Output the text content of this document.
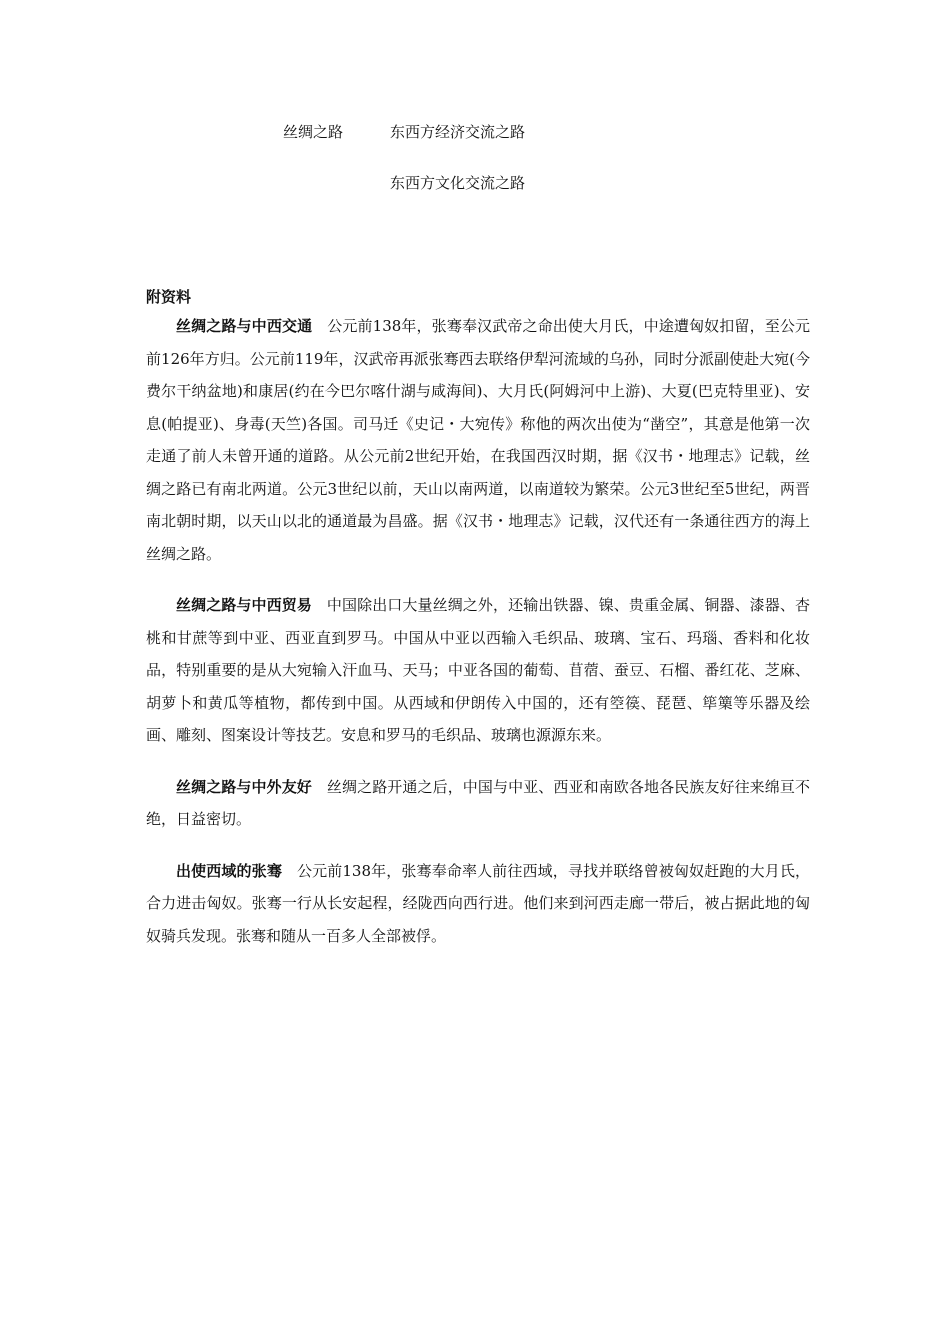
丝绸之路	东西方经济交流之路
东西方文化交流之路
附资料

丝绸之路与中西交通 公元前138年，张骞奉汉武帝之命出使大月氏，中途遭匈奴扣留，至公元前126年方归。公元前119年，汉武帝再派张骞西去联络伊犁河流域的乌孙，同时分派副使赴大宛(今费尔干纳盆地)和康居(约在今巴尔喀什湖与咸海间)、大月氏(阿姆河中上游)、大夏(巴克特里亚)、安息(帕提亚)、身毒(天竺)各国。司马迁《史记・大宛传》称他的两次出使为“凿空”，其意是他第一次走通了前人未曾开通的道路。从公元前2世纪开始，在我国西汉时期，据《汉书・地理志》记载，丝绸之路已有南北两道。公元3世纪以前，天山以南两道，以南道较为繁荣。公元3世纪至5世纪，两晋南北朝时期，以天山以北的通道最为昌盛。据《汉书・地理志》记载，汉代还有一条通往西方的海上丝绸之路。

丝绸之路与中西贸易 中国除出口大量丝绸之外，还输出铁器、镍、贵重金属、铜器、漆器、杏桃和甘蔗等到中亚、西亚直到罗马。中国从中亚以西输入毛织品、玻璃、宝石、玛瑙、香料和化妆品，特别重要的是从大宛输入汗血马、天马；中亚各国的葡萄、苜蓿、蚕豆、石榴、番红花、芝麻、胡萝卜和黄瓜等植物，都传到中国。从西域和伊朗传入中国的，还有箜篌、琵琶、筚篥等乐器及绘画、雕刻、图案设计等技艺。安息和罗马的毛织品、玻璃也源源东来。

丝绸之路与中外友好 丝绸之路开通之后，中国与中亚、西亚和南欧各地各民族友好往来绵亘不绝，日益密切。

出使西域的张骞 公元前138年，张骞奉命率人前往西域，寻找并联络曾被匈奴赶跑的大月氏，合力进击匈奴。张骞一行从长安起程，经陇西向西行进。他们来到河西走廊一带后，被占据此地的匈奴骑兵发现。张骞和随从一百多人全部被俘。
